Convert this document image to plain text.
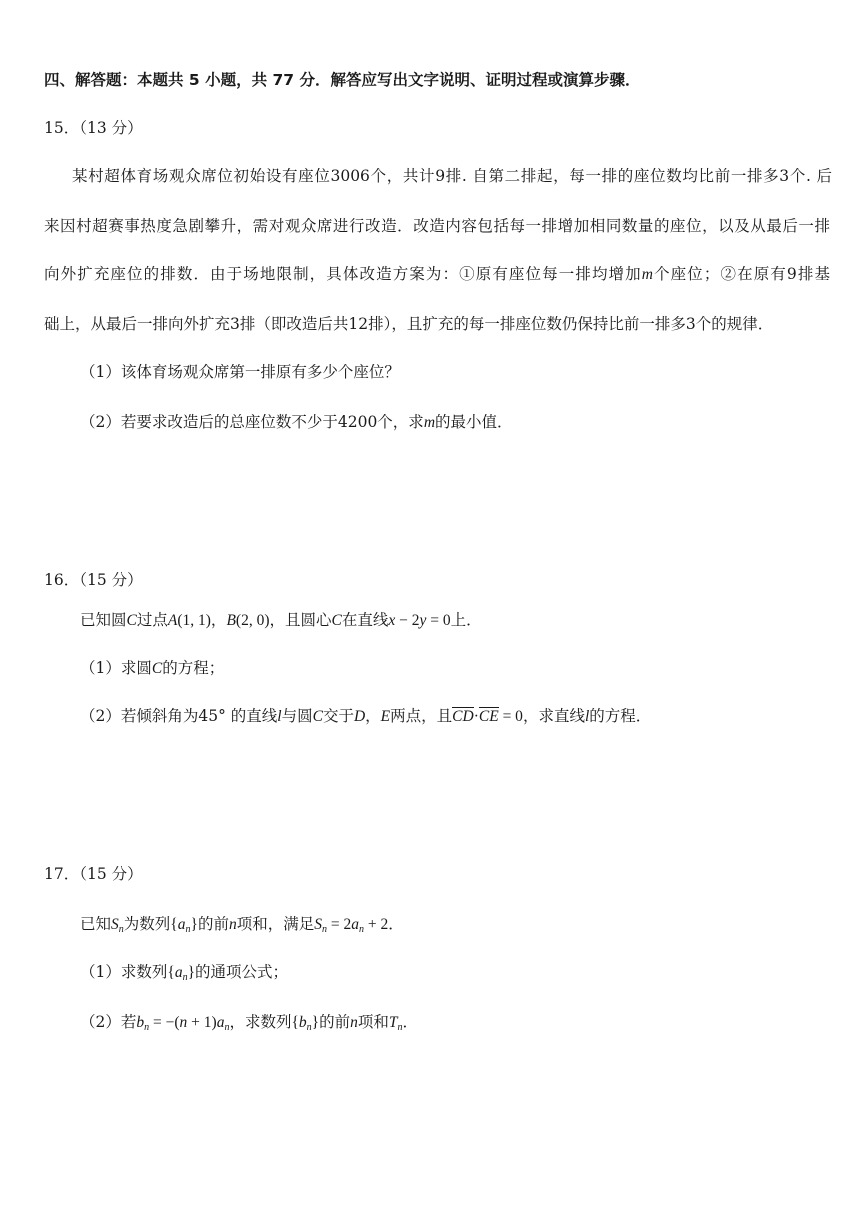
四、解答题：本题共 5 小题，共 77 分．解答应写出文字说明、证明过程或演算步骤．
15．（13 分）
某村超体育场观众席位初始设有座位3006个，共计9排. 自第二排起，每一排的座位数均比前一排多3个. 后
来因村超赛事热度急剧攀升，需对观众席进行改造．改造内容包括每一排增加相同数量的座位，以及从最后一排
向外扩充座位的排数．由于场地限制，具体改造方案为：①原有座位每一排均增加m个座位；②在原有9排基
础上，从最后一排向外扩充3排（即改造后共12排），且扩充的每一排座位数仍保持比前一排多3个的规律．
（1）该体育场观众席第一排原有多少个座位？
（2）若要求改造后的总座位数不少于4200个，求m的最小值．
16．（15 分）
已知圆C过点A(1, 1)，B(2, 0)，且圆心C在直线x − 2y = 0上．
（1）求圆C的方程；
（2）若倾斜角为45° 的直线l与圆C交于D，E两点，且CD·CE = 0，求直线l的方程．
17．（15 分）
已知$S_n$为数列$\{a_n\}$的前n项和，满足$S_n = 2a_n + 2$．
（1）求数列$\{a_n\}$的通项公式；
（2）若$b_n = -(n + 1)a_n$，求数列$\{b_n\}$的前n项和$T_n$．
